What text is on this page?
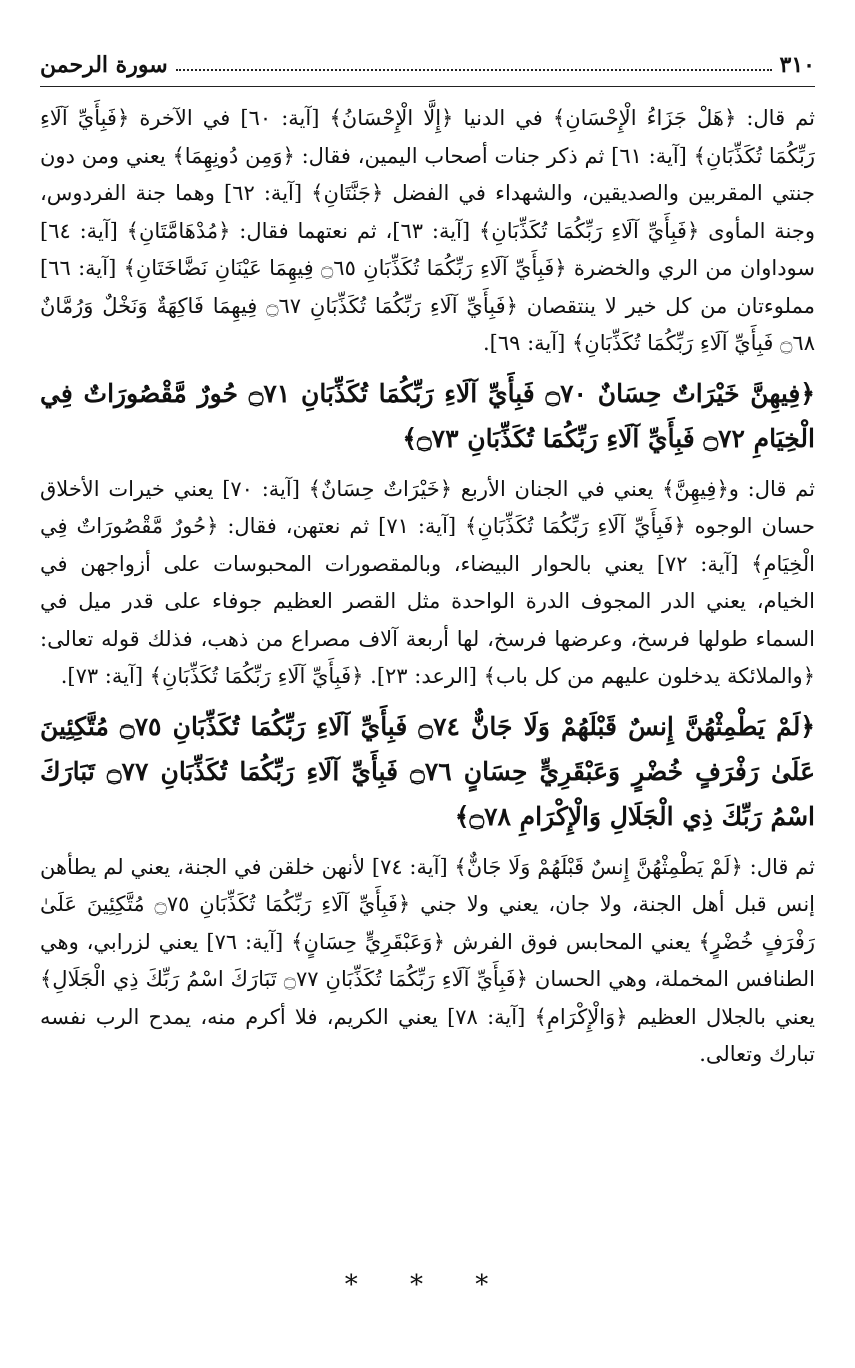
٣١٠
سورة الرحمن

ثم قال: ﴿هَلْ جَزَاءُ الْإِحْسَانِ﴾ في الدنيا ﴿إِلَّا الْإِحْسَانُ﴾ [آية: ٦٠] في الآخرة ﴿فَبِأَيِّ آلَاءِ رَبِّكُمَا تُكَذِّبَانِ﴾ [آية: ٦١] ثم ذكر جنات أصحاب اليمين، فقال: ﴿وَمِن دُونِهِمَا﴾ يعني ومن دون جنتي المقربين والصديقين، والشهداء في الفضل ﴿جَنَّتَانِ﴾ [آية: ٦٢] وهما جنة الفردوس، وجنة المأوى ﴿فَبِأَيِّ آلَاءِ رَبِّكُمَا تُكَذِّبَانِ﴾ [آية: ٦٣]، ثم نعتهما فقال: ﴿مُدْهَامَّتَانِ﴾ [آية: ٦٤] سوداوان من الري والخضرة ﴿فَبِأَيِّ آلَاءِ رَبِّكُمَا تُكَذِّبَانِ ۝٦٥ فِيهِمَا عَيْنَانِ نَضَّاخَتَانِ﴾ [آية: ٦٦] مملوءتان من كل خير لا ينتقصان ﴿فَبِأَيِّ آلَاءِ رَبِّكُمَا تُكَذِّبَانِ ۝٦٧ فِيهِمَا فَاكِهَةٌ وَنَخْلٌ وَرُمَّانٌ ۝٦٨ فَبِأَيِّ آلَاءِ رَبِّكُمَا تُكَذِّبَانِ﴾ [آية: ٦٩].

﴿فِيهِنَّ خَيْرَاتٌ حِسَانٌ ۝٧٠ فَبِأَيِّ آلَاءِ رَبِّكُمَا تُكَذِّبَانِ ۝٧١ حُورٌ مَّقْصُورَاتٌ فِي الْخِيَامِ ۝٧٢ فَبِأَيِّ آلَاءِ رَبِّكُمَا تُكَذِّبَانِ ۝٧٣﴾

ثم قال: و﴿فِيهِنَّ﴾ يعني في الجنان الأربع ﴿خَيْرَاتٌ حِسَانٌ﴾ [آية: ٧٠] يعني خيرات الأخلاق حسان الوجوه ﴿فَبِأَيِّ آلَاءِ رَبِّكُمَا تُكَذِّبَانِ﴾ [آية: ٧١] ثم نعتهن، فقال: ﴿حُورٌ مَّقْصُورَاتٌ فِي الْخِيَامِ﴾ [آية: ٧٢] يعني بالحوار البيضاء، وبالمقصورات المحبوسات على أزواجهن في الخيام، يعني الدر المجوف الدرة الواحدة مثل القصر العظيم جوفاء على قدر ميل في السماء طولها فرسخ، وعرضها فرسخ، لها أربعة آلاف مصراع من ذهب، فذلك قوله تعالى: ﴿والملائكة يدخلون عليهم من كل باب﴾ [الرعد: ٢٣]. ﴿فَبِأَيِّ آلَاءِ رَبِّكُمَا تُكَذِّبَانِ﴾ [آية: ٧٣].

﴿لَمْ يَطْمِثْهُنَّ إِنسٌ قَبْلَهُمْ وَلَا جَانٌّ ۝٧٤ فَبِأَيِّ آلَاءِ رَبِّكُمَا تُكَذِّبَانِ ۝٧٥ مُتَّكِئِينَ عَلَىٰ رَفْرَفٍ خُضْرٍ وَعَبْقَرِيٍّ حِسَانٍ ۝٧٦ فَبِأَيِّ آلَاءِ رَبِّكُمَا تُكَذِّبَانِ ۝٧٧ تَبَارَكَ اسْمُ رَبِّكَ ذِي الْجَلَالِ وَالْإِكْرَامِ ۝٧٨﴾

ثم قال: ﴿لَمْ يَطْمِثْهُنَّ إِنسٌ قَبْلَهُمْ وَلَا جَانٌّ﴾ [آية: ٧٤] لأنهن خلقن في الجنة، يعني لم يطأهن إنس قبل أهل الجنة، ولا جان، يعني ولا جني ﴿فَبِأَيِّ آلَاءِ رَبِّكُمَا تُكَذِّبَانِ ۝٧٥ مُتَّكِئِينَ عَلَىٰ رَفْرَفٍ خُضْرٍ﴾ يعني المحابس فوق الفرش ﴿وَعَبْقَرِيٍّ حِسَانٍ﴾ [آية: ٧٦] يعني لزرابي، وهي الطنافس المخملة، وهي الحسان ﴿فَبِأَيِّ آلَاءِ رَبِّكُمَا تُكَذِّبَانِ ۝٧٧ تَبَارَكَ اسْمُ رَبِّكَ ذِي الْجَلَالِ﴾ يعني بالجلال العظيم ﴿وَالْإِكْرَامِ﴾ [آية: ٧٨] يعني الكريم، فلا أكرم منه، يمدح الرب نفسه تبارك وتعالى.

* * *
